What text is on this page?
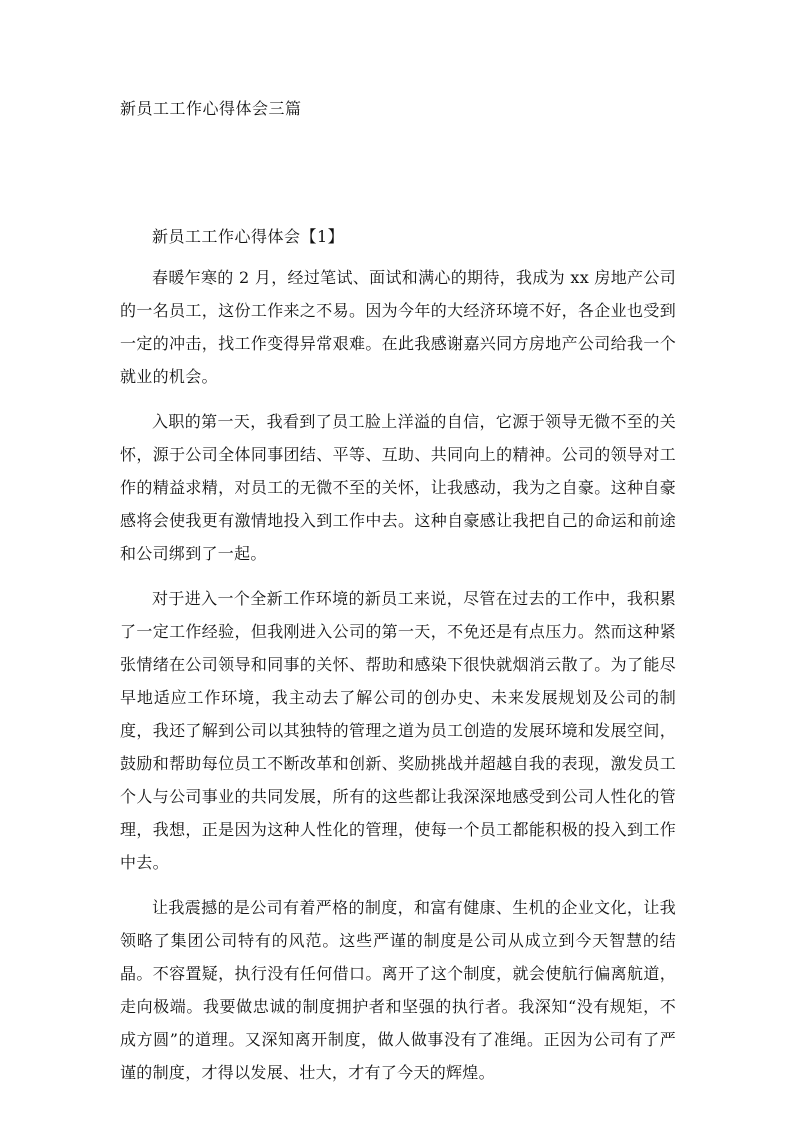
新员工工作心得体会三篇
新员工工作心得体会【1】

春暖乍寒的 2 月，经过笔试、面试和满心的期待，我成为 xx 房地产公司的一名员工，这份工作来之不易。因为今年的大经济环境不好，各企业也受到一定的冲击，找工作变得异常艰难。在此我感谢嘉兴同方房地产公司给我一个就业的机会。

入职的第一天，我看到了员工脸上洋溢的自信，它源于领导无微不至的关怀，源于公司全体同事团结、平等、互助、共同向上的精神。公司的领导对工作的精益求精，对员工的无微不至的关怀，让我感动，我为之自豪。这种自豪感将会使我更有激情地投入到工作中去。这种自豪感让我把自己的命运和前途和公司绑到了一起。

对于进入一个全新工作环境的新员工来说，尽管在过去的工作中，我积累了一定工作经验，但我刚进入公司的第一天，不免还是有点压力。然而这种紧张情绪在公司领导和同事的关怀、帮助和感染下很快就烟消云散了。为了能尽早地适应工作环境，我主动去了解公司的创办史、未来发展规划及公司的制度，我还了解到公司以其独特的管理之道为员工创造的发展环境和发展空间，鼓励和帮助每位员工不断改革和创新、奖励挑战并超越自我的表现，激发员工个人与公司事业的共同发展，所有的这些都让我深深地感受到公司人性化的管理，我想，正是因为这种人性化的管理，使每一个员工都能积极的投入到工作中去。

让我震撼的是公司有着严格的制度，和富有健康、生机的企业文化，让我领略了集团公司特有的风范。这些严谨的制度是公司从成立到今天智慧的结晶。不容置疑，执行没有任何借口。离开了这个制度，就会使航行偏离航道，走向极端。我要做忠诚的制度拥护者和坚强的执行者。我深知“没有规矩，不成方圆”的道理。又深知离开制度，做人做事没有了准绳。正因为公司有了严谨的制度，才得以发展、壮大，才有了今天的辉煌。
